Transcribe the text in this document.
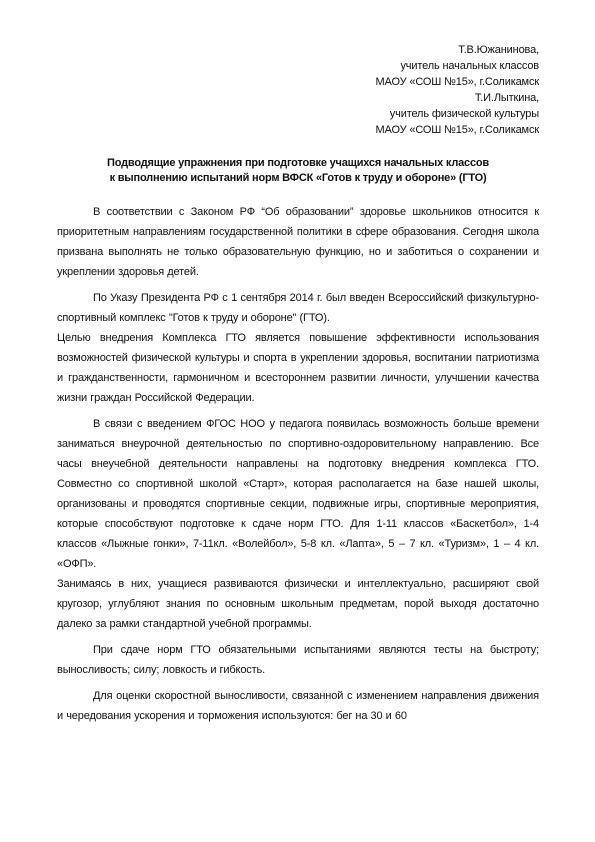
Т.В.Южанинова,
учитель начальных классов
МАОУ «СОШ №15», г.Соликамск
Т.И.Лыткина,
учитель физической культуры
МАОУ «СОШ №15», г.Соликамск
Подводящие упражнения при подготовке учащихся начальных классов
к выполнению испытаний норм ВФСК «Готов к труду и обороне» (ГТО)

В соответствии с Законом РФ “Об образовании” здоровье школьников относится к приоритетным направлениям государственной политики в сфере образования. Сегодня школа призвана выполнять не только образовательную функцию, но и заботиться о сохранении и укреплении здоровья детей.

По Указу Президента РФ с 1 сентября 2014 г. был введен Всероссийский физкультурно-спортивный комплекс "Готов к труду и обороне" (ГТО).

Целью внедрения Комплекса ГТО является повышение эффективности использования возможностей физической культуры и спорта в укреплении здоровья, воспитании патриотизма и гражданственности, гармоничном и всестороннем развитии личности, улучшении качества жизни граждан Российской Федерации.

В связи с введением ФГОС НОО у педагога появилась возможность больше времени заниматься внеурочной деятельностью по спортивно-оздоровительному направлению. Все часы внеучебной деятельности направлены на подготовку внедрения комплекса ГТО. Совместно со спортивной школой «Старт», которая располагается на базе нашей школы, организованы и проводятся спортивные секции, подвижные игры, спортивные мероприятия, которые способствуют подготовке к сдаче норм ГТО. Для 1-11 классов «Баскетбол», 1-4 классов «Лыжные гонки», 7-11кл. «Волейбол», 5-8 кл. «Лапта», 5 – 7 кл. «Туризм», 1 – 4 кл. «ОФП».

Занимаясь в них, учащиеся развиваются физически и интеллектуально, расширяют свой кругозор, углубляют знания по основным школьным предметам, порой выходя достаточно далеко за рамки стандартной учебной программы.

При сдаче норм ГТО обязательными испытаниями являются тесты на быстроту; выносливость; силу; ловкость и гибкость.

Для оценки скоростной выносливости, связанной с изменением направления движения и чередования ускорения и торможения используются: бег на 30 и 60
